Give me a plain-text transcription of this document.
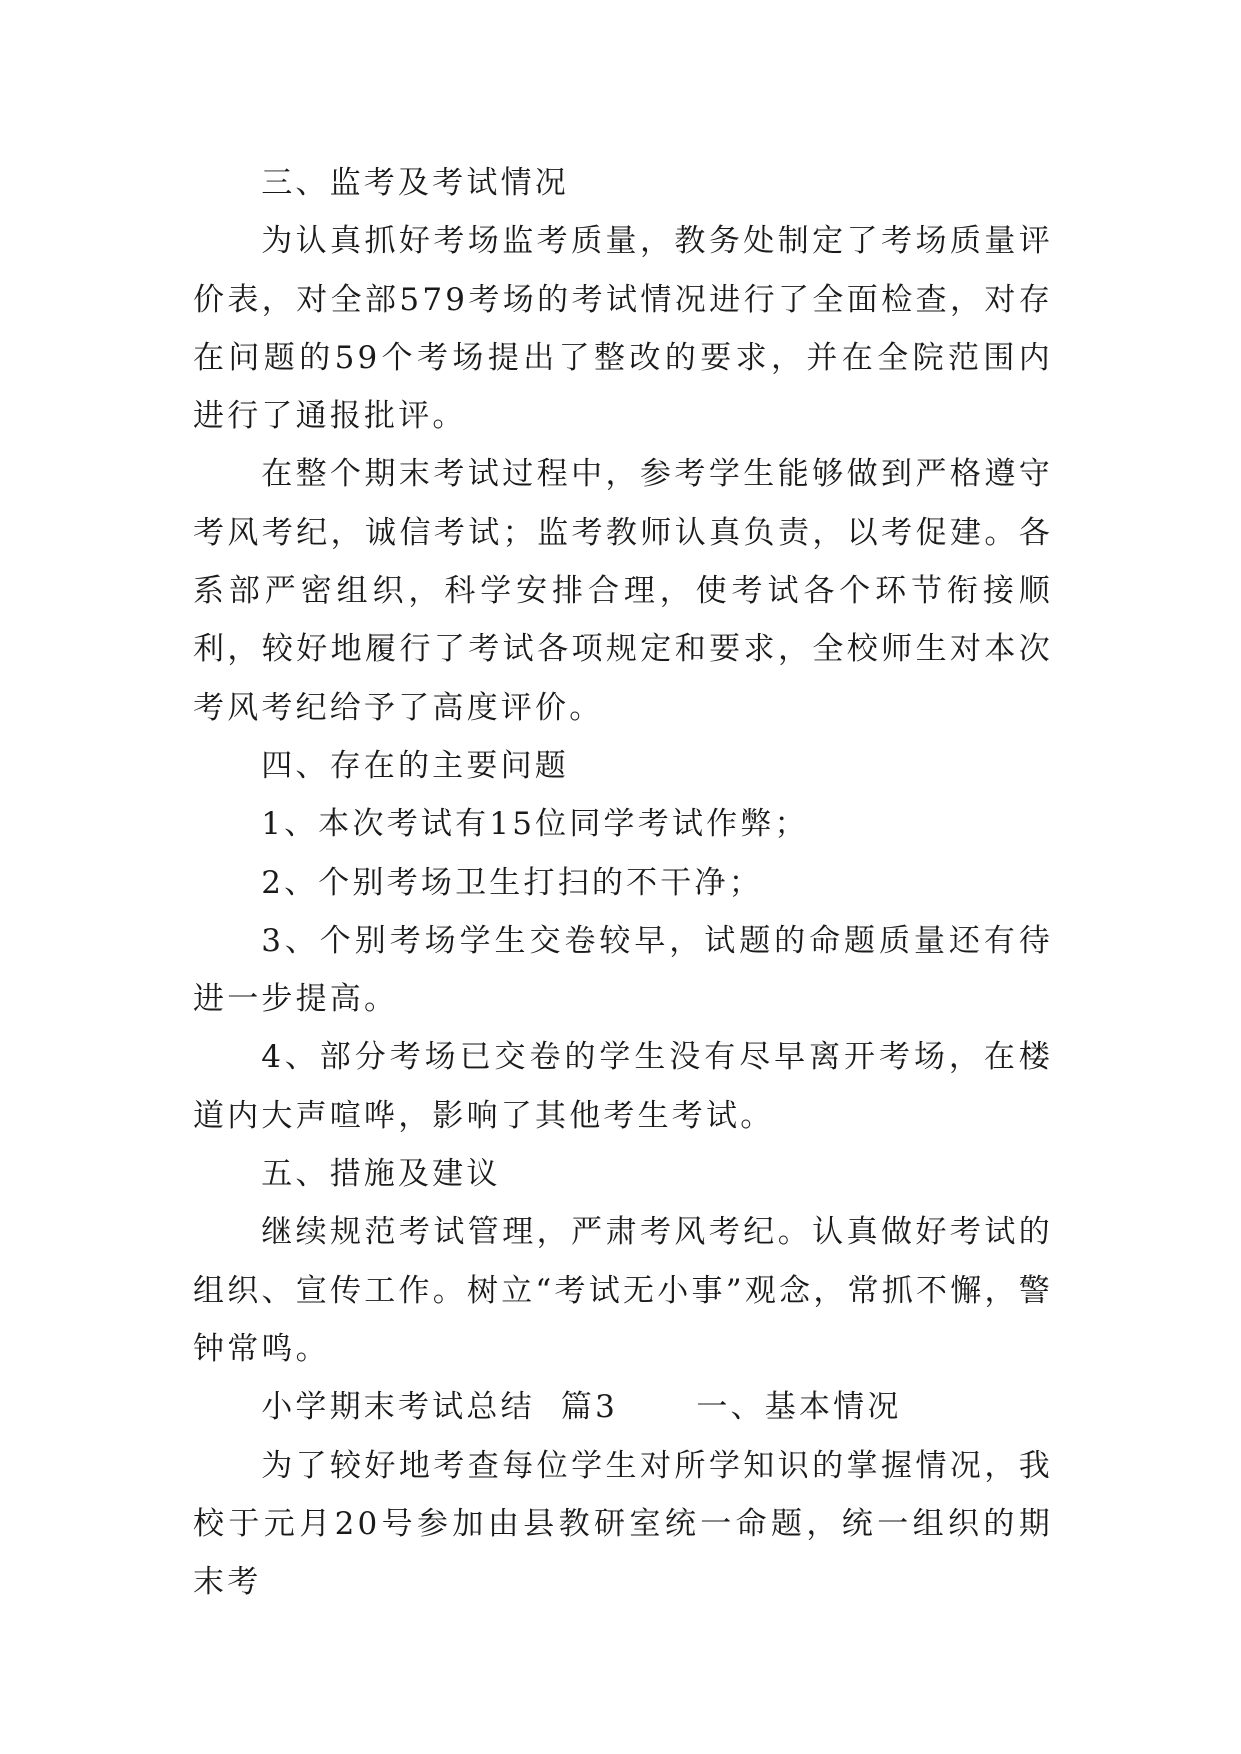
三、监考及考试情况

为认真抓好考场监考质量，教务处制定了考场质量评价表，对全部579考场的考试情况进行了全面检查，对存在问题的59个考场提出了整改的要求，并在全院范围内进行了通报批评。

在整个期末考试过程中，参考学生能够做到严格遵守考风考纪，诚信考试；监考教师认真负责，以考促建。各系部严密组织，科学安排合理，使考试各个环节衔接顺利，较好地履行了考试各项规定和要求，全校师生对本次考风考纪给予了高度评价。

四、存在的主要问题

1、本次考试有15位同学考试作弊；

2、个别考场卫生打扫的不干净；

3、个别考场学生交卷较早，试题的命题质量还有待进一步提高。

4、部分考场已交卷的学生没有尽早离开考场，在楼道内大声喧哗，影响了其他考生考试。

五、措施及建议

继续规范考试管理，严肃考风考纪。认真做好考试的组织、宣传工作。树立“考试无小事”观念，常抓不懈，警钟常鸣。

小学期末考试总结  篇3      一、基本情况

为了较好地考查每位学生对所学知识的掌握情况，我校于元月20号参加由县教研室统一命题，统一组织的期末考
